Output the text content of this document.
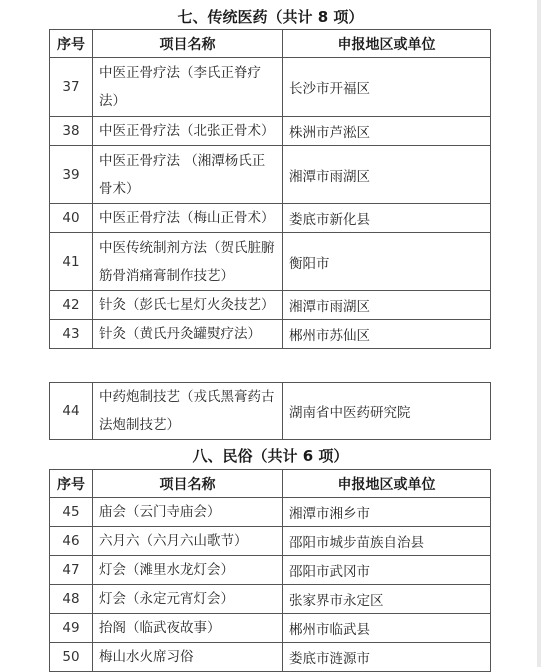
七、传统医药（共计 8 项）
序号	项目名称	申报地区或单位
37	中医正骨疗法（李氏正脊疗法）	长沙市开福区
38	中医正骨疗法（北张正骨术）	株洲市芦淞区
39	中医正骨疗法 （湘潭杨氏正骨术）	湘潭市雨湖区
40	中医正骨疗法（梅山正骨术）	娄底市新化县
41	中医传统制剂方法（贺氏脏腑筋骨消痛膏制作技艺）	衡阳市
42	针灸（彭氏七星灯火灸技艺）	湘潭市雨湖区
43	针灸（黄氏丹灸罐熨疗法）	郴州市苏仙区
44	中药炮制技艺（戎氏黑膏药古法炮制技艺）	湖南省中医药研究院
八、民俗（共计 6 项）
序号	项目名称	申报地区或单位
45	庙会（云门寺庙会）	湘潭市湘乡市
46	六月六（六月六山歌节）	邵阳市城步苗族自治县
47	灯会（滩里水龙灯会）	邵阳市武冈市
48	灯会（永定元宵灯会）	张家界市永定区
49	抬阁（临武夜故事）	郴州市临武县
50	梅山水火席习俗	娄底市涟源市
